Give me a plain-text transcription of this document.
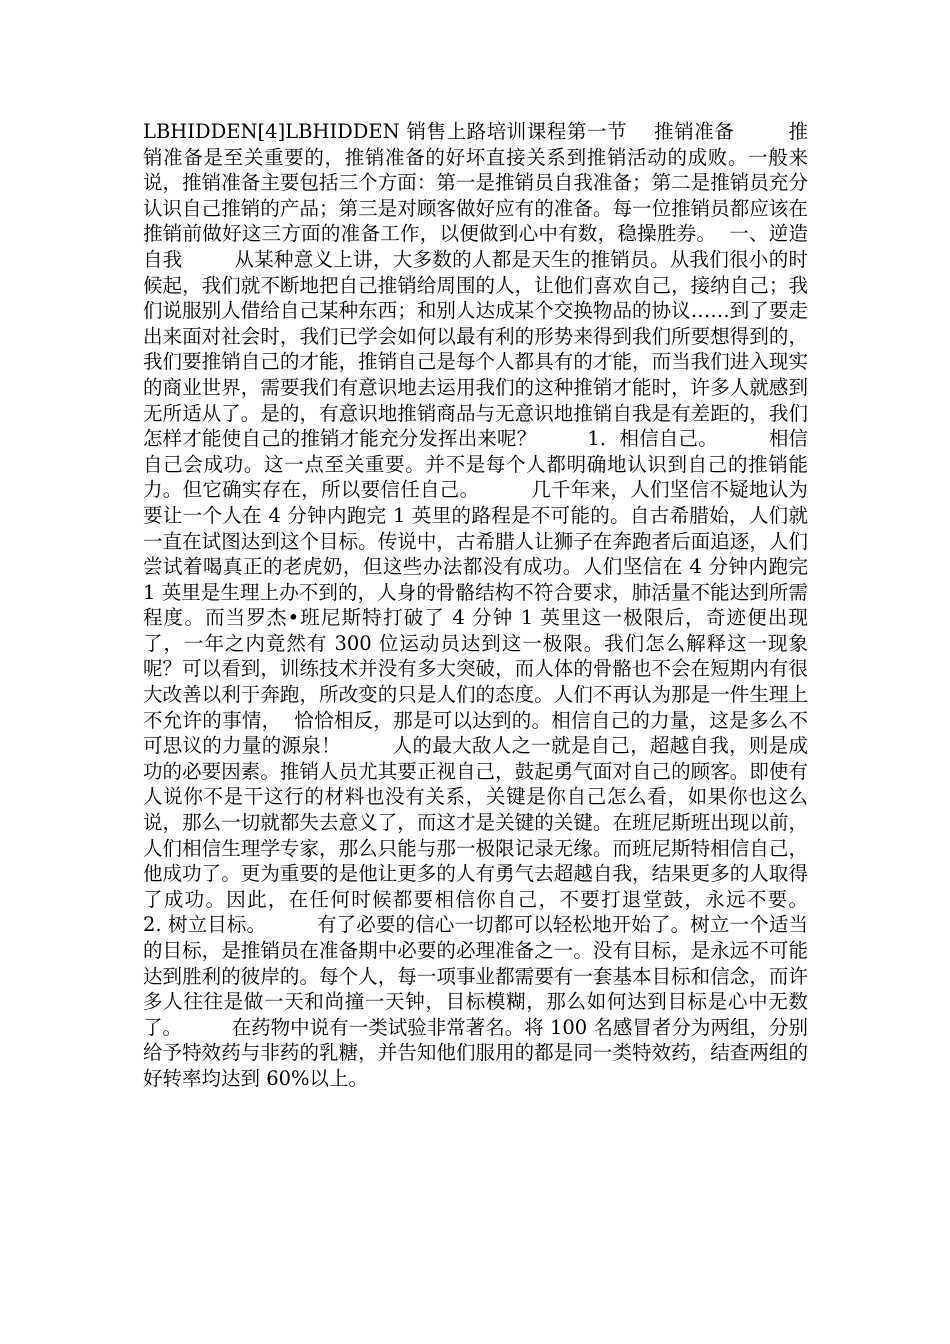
LBHIDDEN[4]LBHIDDEN 销售上路培训课程第一节    推销准备        推销准备是至关重要的，推销准备的好坏直接关系到推销活动的成败。一般来说，推销准备主要包括三个方面：第一是推销员自我准备；第二是推销员充分认识自己推销的产品；第三是对顾客做好应有的准备。每一位推销员都应该在推销前做好这三方面的准备工作，以便做到心中有数，稳操胜券。  一、逆造自我        从某种意义上讲，大多数的人都是天生的推销员。从我们很小的时候起，我们就不断地把自己推销给周围的人，让他们喜欢自己，接纳自己；我们说服别人借给自己某种东西；和别人达成某个交换物品的协议……到了要走出来面对社会时，我们已学会如何以最有利的形势来得到我们所要想得到的，我们要推销自己的才能，推销自己是每个人都具有的才能，而当我们进入现实的商业世界，需要我们有意识地去运用我们的这种推销才能时，许多人就感到无所适从了。是的，有意识地推销商品与无意识地推销自我是有差距的，我们怎样才能使自己的推销才能充分发挥出来呢？        1．相信自己。        相信自己会成功。这一点至关重要。并不是每个人都明确地认识到自己的推销能力。但它确实存在，所以要信任自己。        几千年来，人们坚信不疑地认为要让一个人在 4 分钟内跑完 1 英里的路程是不可能的。自古希腊始，人们就一直在试图达到这个目标。传说中，古希腊人让狮子在奔跑者后面追逐，人们尝试着喝真正的老虎奶，但这些办法都没有成功。人们坚信在 4 分钟内跑完 1 英里是生理上办不到的，人身的骨骼结构不符合要求，肺活量不能达到所需程度。而当罗杰•班尼斯特打破了 4 分钟 1 英里这一极限后，奇迹便出现了，一年之内竟然有 300 位运动员达到这一极限。我们怎么解释这一现象呢？可以看到，训练技术并没有多大突破，而人体的骨骼也不会在短期内有很大改善以利于奔跑，所改变的只是人们的态度。人们不再认为那是一件生理上不允许的事情，  恰恰相反，那是可以达到的。相信自己的力量，这是多么不可思议的力量的源泉！        人的最大敌人之一就是自己，超越自我，则是成功的必要因素。推销人员尤其要正视自己，鼓起勇气面对自己的顾客。即使有人说你不是干这行的材料也没有关系，关键是你自己怎么看，如果你也这么说，那么一切就都失去意义了，而这才是关键的关键。在班尼斯班出现以前，人们相信生理学专家，那么只能与那一极限记录无缘。而班尼斯特相信自己，他成功了。更为重要的是他让更多的人有勇气去超越自我，结果更多的人取得了成功。因此，在任何时候都要相信你自己，不要打退堂鼓，永远不要。        2. 树立目标。        有了必要的信心一切都可以轻松地开始了。树立一个适当的目标，是推销员在准备期中必要的必理准备之一。没有目标，是永远不可能达到胜利的彼岸的。每个人，每一项事业都需要有一套基本目标和信念，而许多人往往是做一天和尚撞一天钟，目标模糊，那么如何达到目标是心中无数了。        在药物中说有一类试验非常著名。将 100 名感冒者分为两组，分别给予特效药与非药的乳糖，并告知他们服用的都是同一类特效药，结查两组的好转率均达到 60%以上。
